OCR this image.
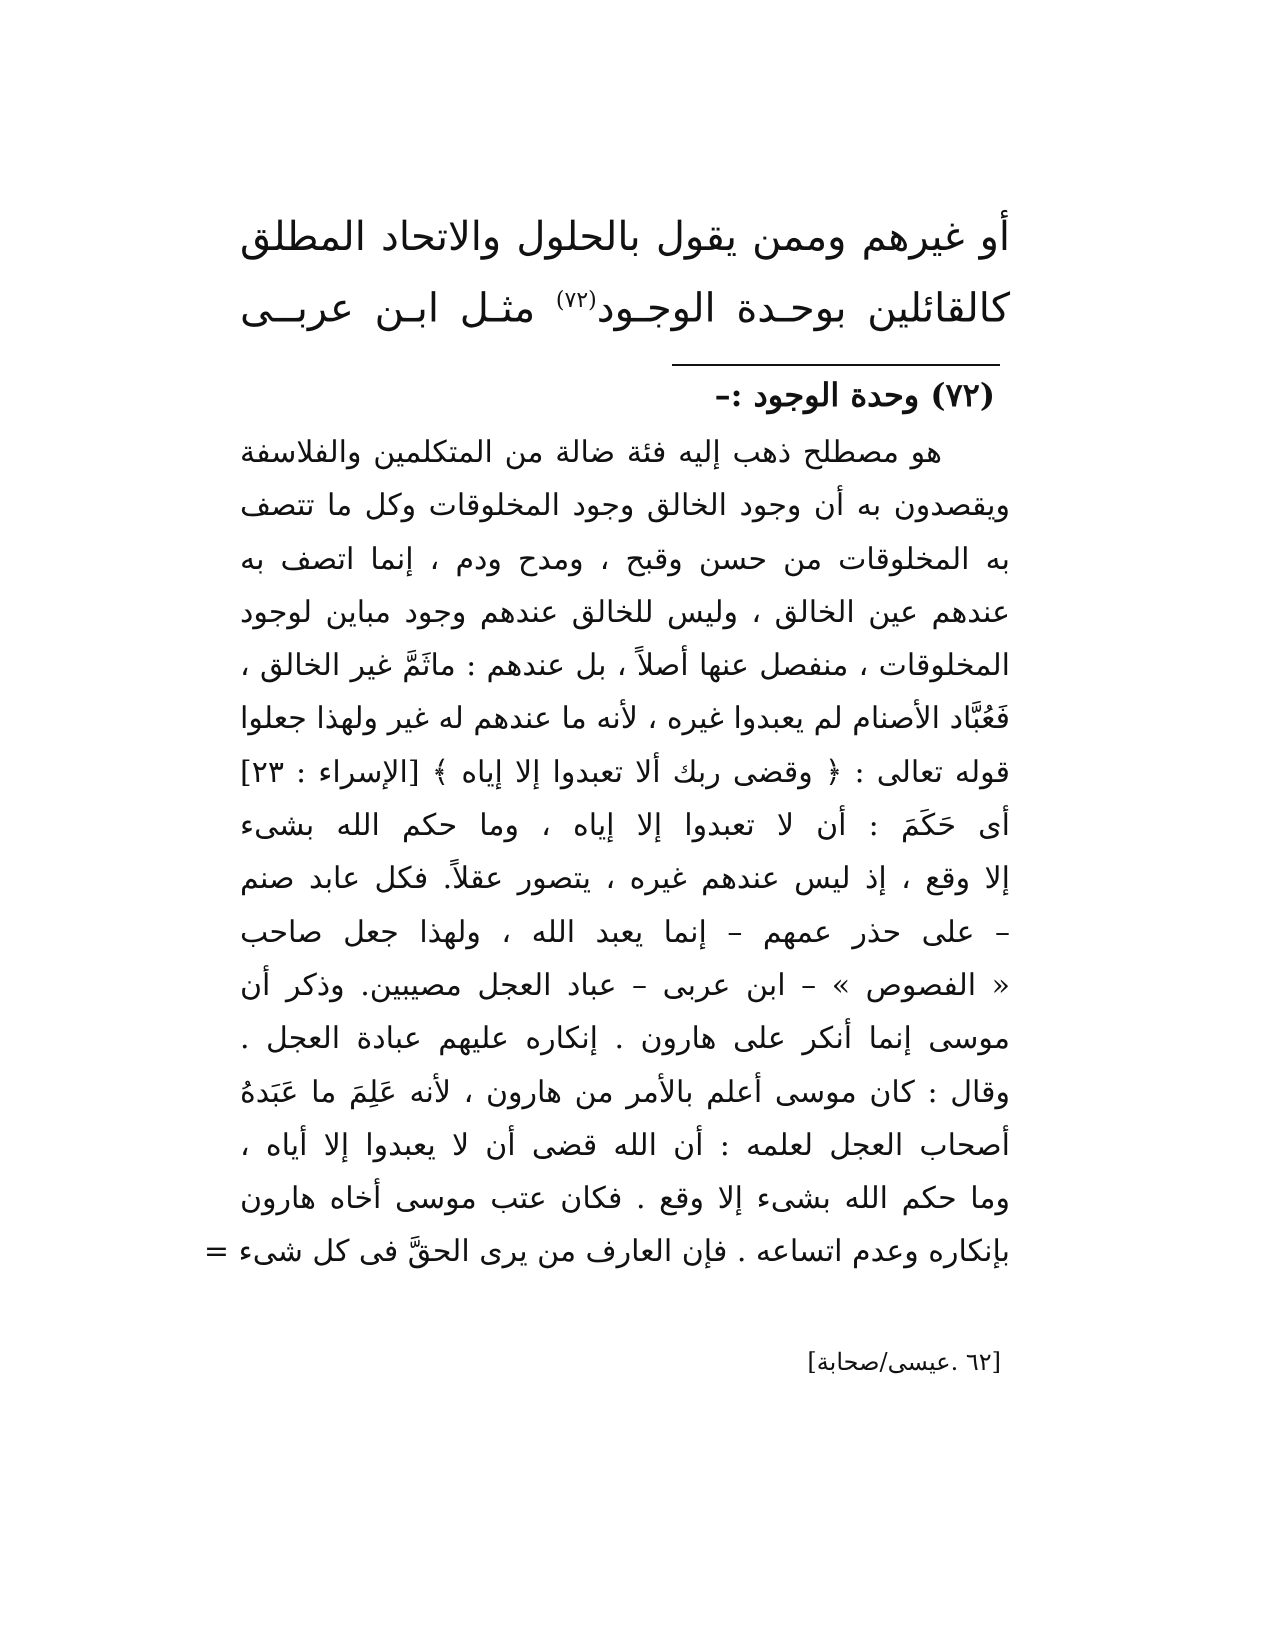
أو غيرهم وممن يقول بالحلول والاتحاد المطلق
كالقائلين بوحـدة الوجـود$^{(٧٢)}$ مثـل ابـن عربــى
(٧٢) وحدة الوجود :–
هو مصطلح ذهب إليه فئة ضالة من المتكلمين والفلاسفة
ويقصدون به أن وجود الخالق وجود المخلوقات وكل ما تتصف
به المخلوقات من حسن وقبح ، ومدح ودم ، إنما اتصف به
عندهم عين الخالق ، وليس للخالق عندهم وجود مباين لوجود
المخلوقات ، منفصل عنها أصلاً ، بل عندهم : ماثَمَّ غير الخالق ،
فَعُبَّاد الأصنام لم يعبدوا غيره ، لأنه ما عندهم له غير ولهذا جعلوا
قوله تعالى : ﴿ وقضى ربك ألا تعبدوا إلا إياه ﴾ [الإسراء : ٢٣]
أى حَكَمَ : أن لا تعبدوا إلا إياه ، وما حكم الله بشىء
إلا وقع ، إذ ليس عندهم غيره ، يتصور عقلاً. فكل عابد صنم
– على حذر عمهم – إنما يعبد الله ، ولهذا جعل صاحب
« الفصوص » – ابن عربى – عباد العجل مصيبين. وذكر أن
موسى إنما أنكر على هارون . إنكاره عليهم عبادة العجل .
وقال : كان موسى أعلم بالأمر من هارون ، لأنه عَلِمَ ما عَبَدهُ
أصحاب العجل لعلمه : أن الله قضى أن لا يعبدوا إلا أياه ،
وما حكم الله بشىء إلا وقع . فكان عتب موسى أخاه هارون
بإنكاره وعدم اتساعه . فإن العارف من يرى الحقَّ فى كل شىء =
[٦٢ .عيسى/صحابة]
